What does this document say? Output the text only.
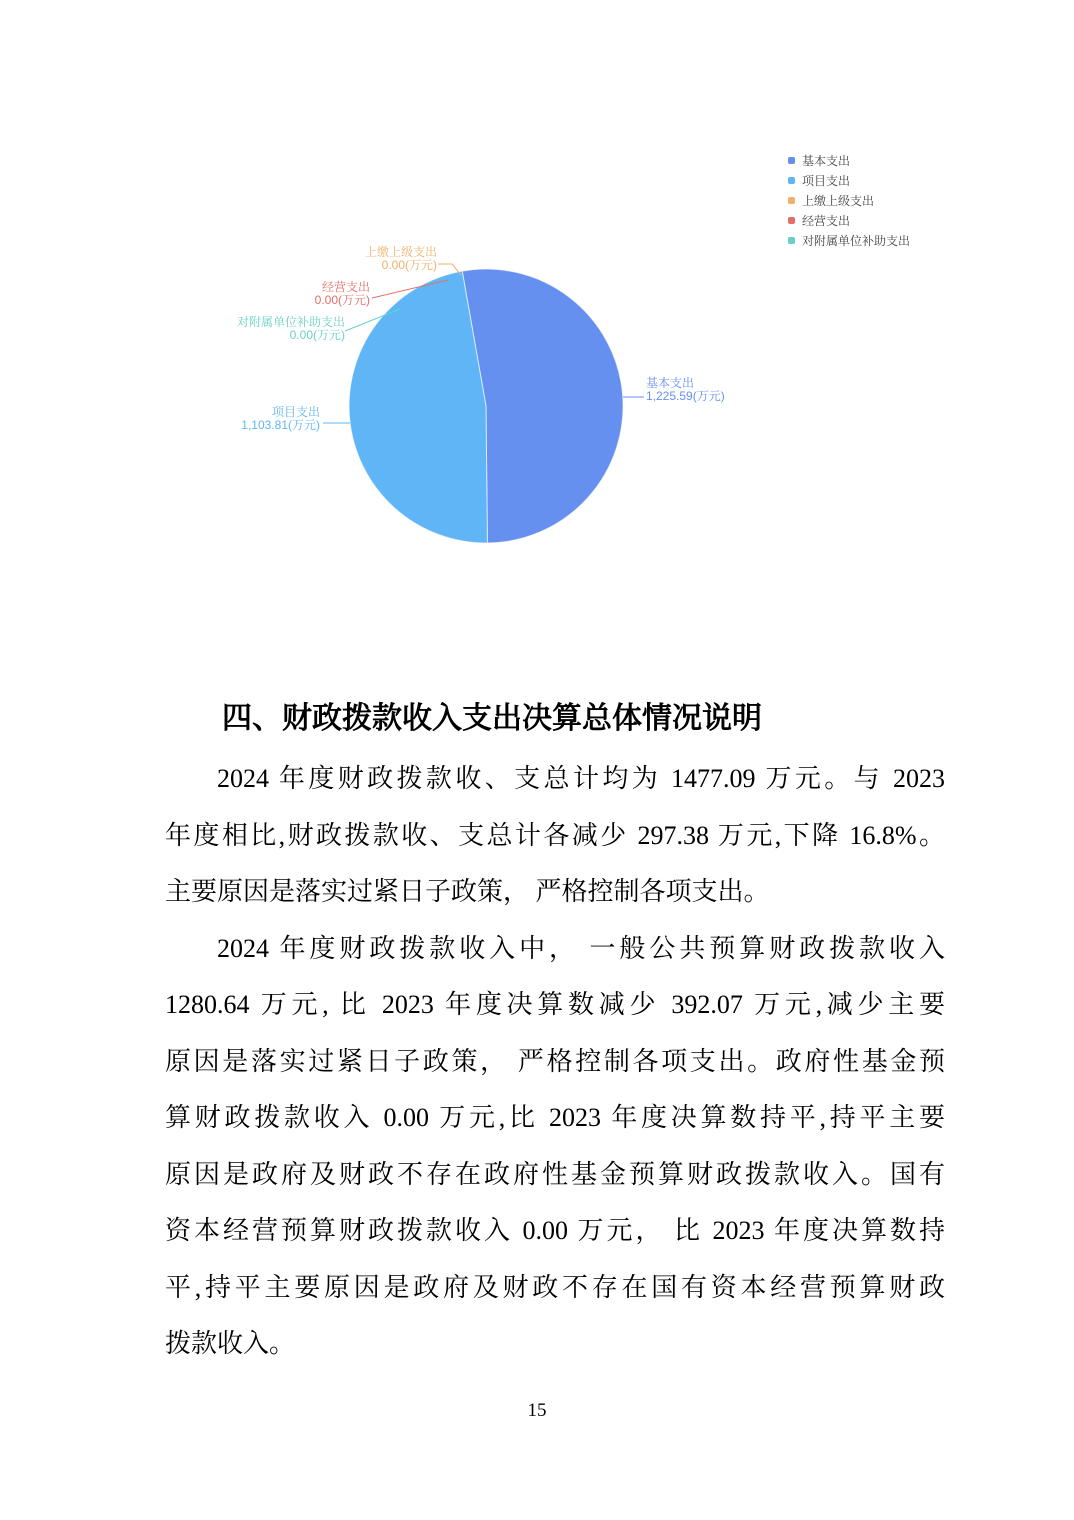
基本支出
1,225.59(万元)
项目支出
1,103.81(万元)
上缴上级支出
0.00(万元)
经营支出
0.00(万元)
对附属单位补助支出
0.00(万元)
基本支出
项目支出
上缴上级支出
经营支出
对附属单位补助支出
四、财政拨款收入支出决算总体情况说明
2024 年度财政拨款收、支总计均为 1477.09 万元。与 2023
年度相比,财政拨款收、支总计各减少 297.38 万元,下降 16.8%。
主要原因是落实过紧日子政策， 严格控制各项支出。
2024 年度财政拨款收入中， 一般公共预算财政拨款收入
1280.64 万元, 比 2023 年度决算数减少 392.07 万元,减少主要
原因是落实过紧日子政策， 严格控制各项支出。政府性基金预
算财政拨款收入 0.00 万元,比 2023 年度决算数持平,持平主要
原因是政府及财政不存在政府性基金预算财政拨款收入。国有
资本经营预算财政拨款收入 0.00 万元， 比 2023 年度决算数持
平,持平主要原因是政府及财政不存在国有资本经营预算财政
拨款收入。
15
